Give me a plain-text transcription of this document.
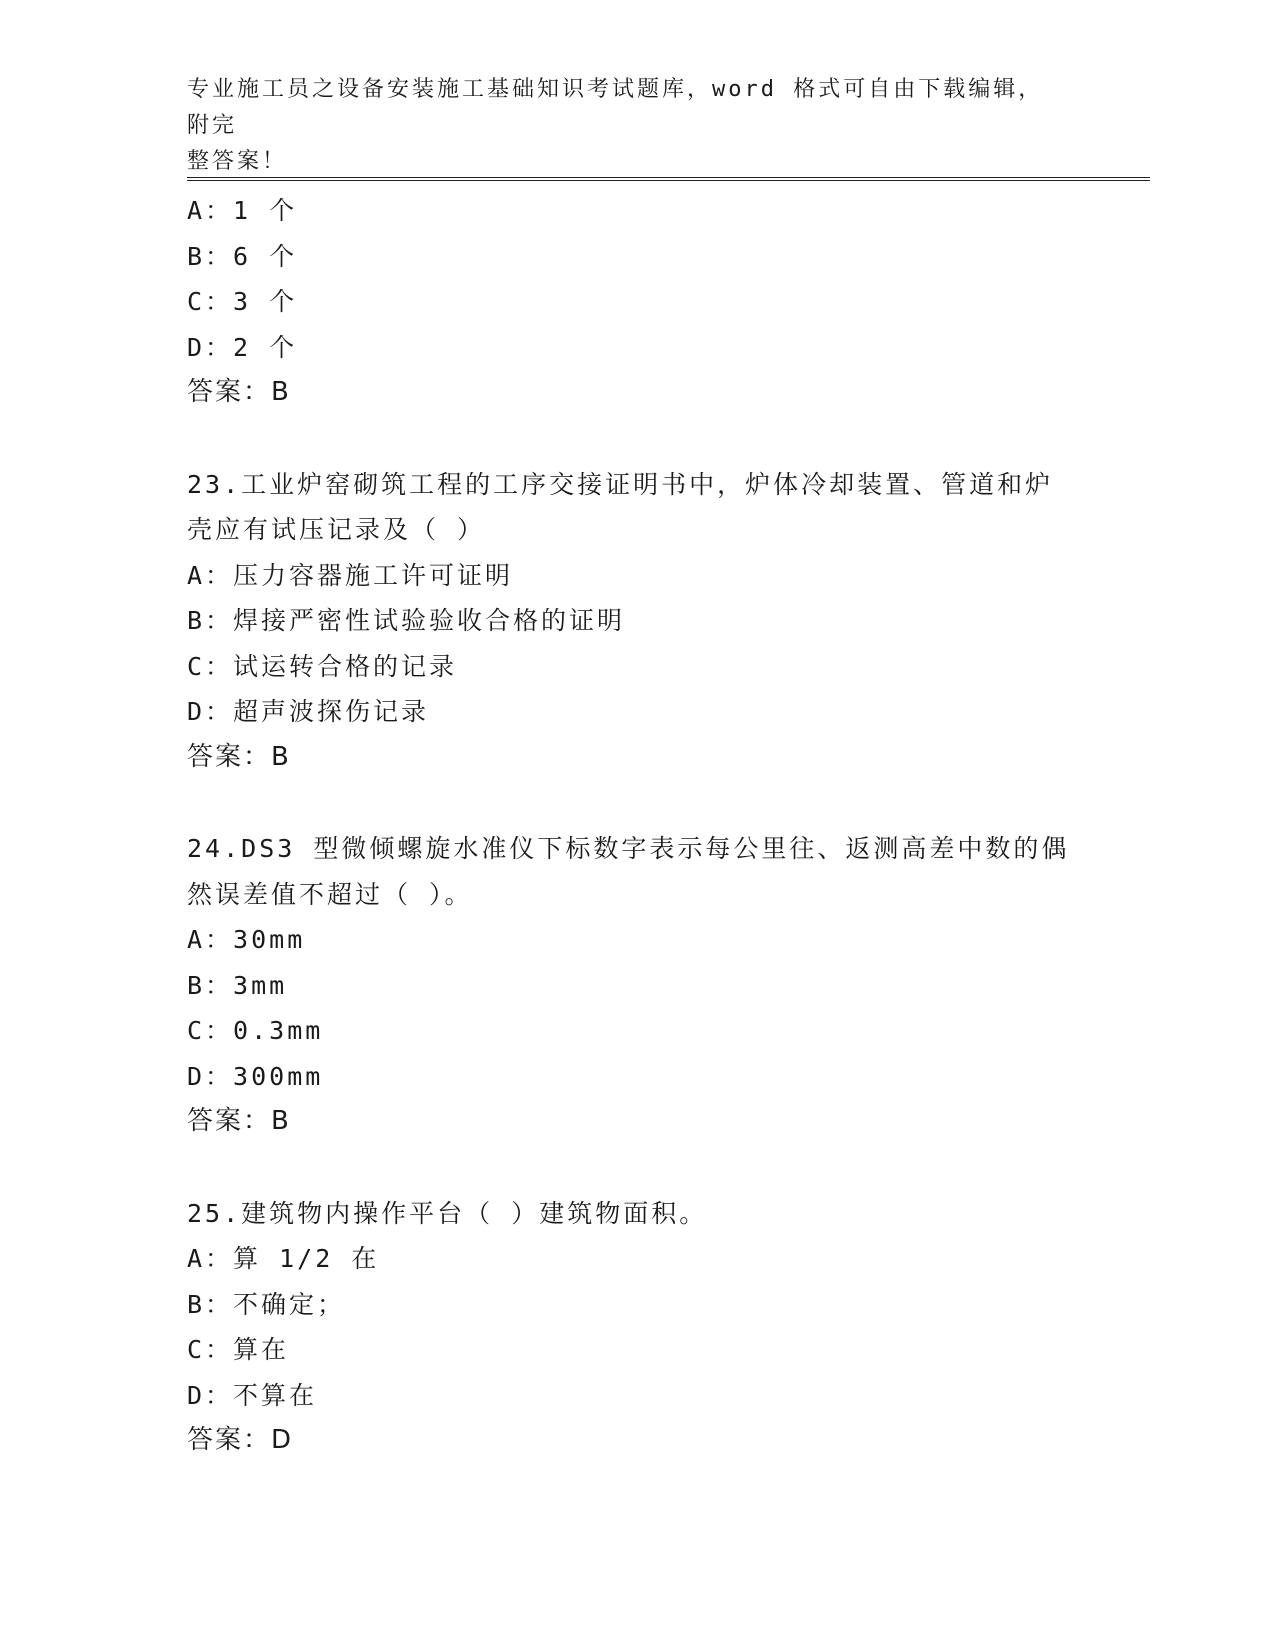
专业施工员之设备安装施工基础知识考试题库，word 格式可自由下载编辑，附完
整答案！
A：1 个
B：6 个
C：3 个
D：2 个
答案：B
23.工业炉窑砌筑工程的工序交接证明书中，炉体冷却装置、管道和炉
壳应有试压记录及（ ）
A：压力容器施工许可证明
B：焊接严密性试验验收合格的证明
C：试运转合格的记录
D：超声波探伤记录
答案：B
24.DS3 型微倾螺旋水准仪下标数字表示每公里往、返测高差中数的偶
然误差值不超过（ ）。
A：30mm
B：3mm
C：0.3mm
D：300mm
答案：B
25.建筑物内操作平台（ ）建筑物面积。
A：算 1/2 在
B：不确定；
C：算在
D：不算在
答案：D
